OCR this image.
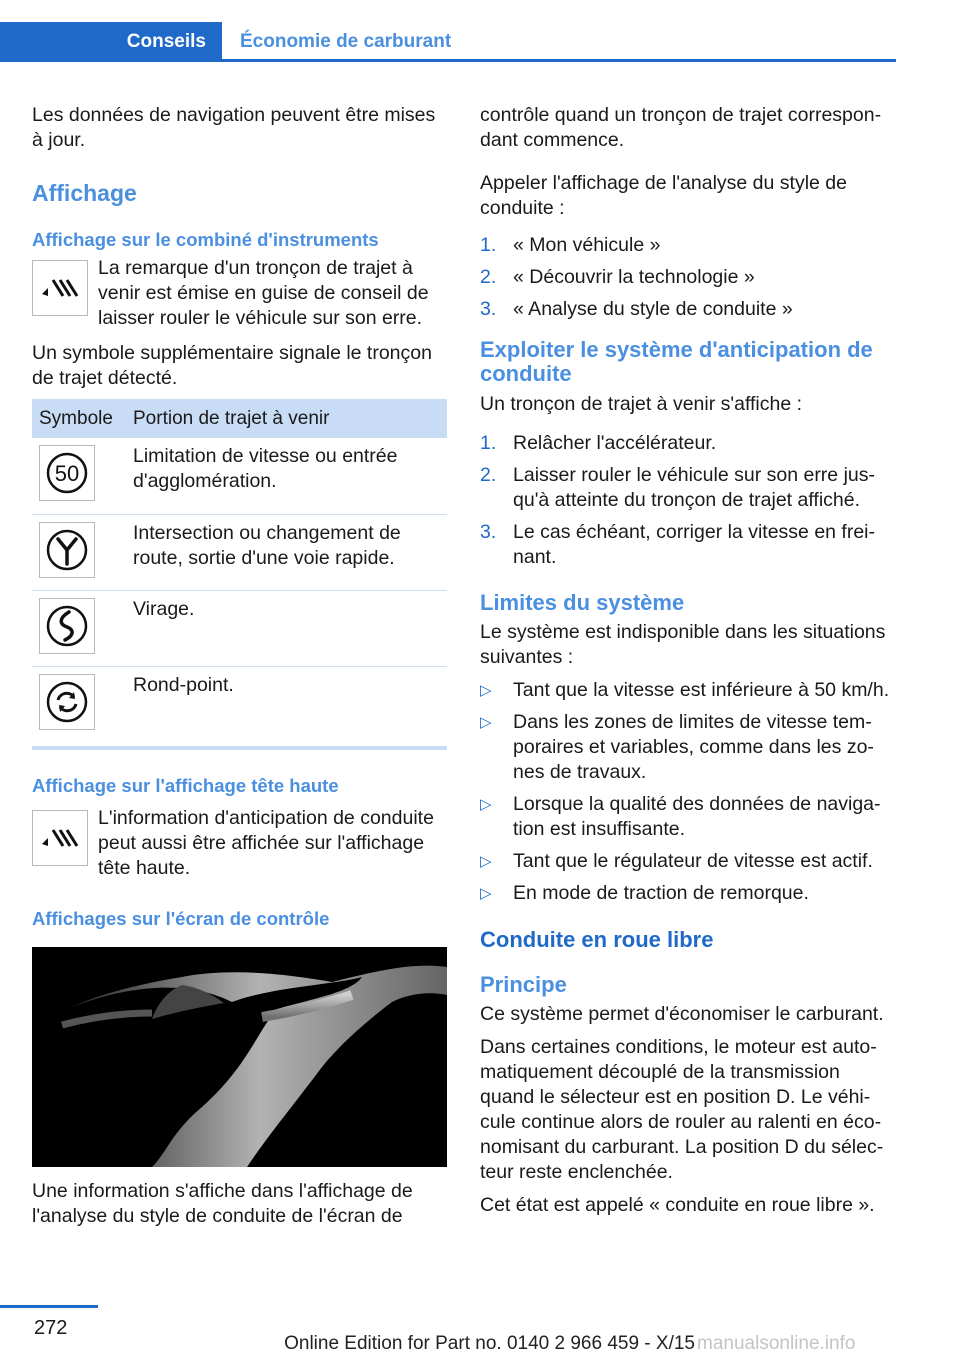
Conseils	Économie de carburant

Les données de navigation peuvent être mises à jour.

Affichage
Affichage sur le combiné d'instruments
La remarque d'un tronçon de trajet à venir est émise en guise de conseil de laisser rouler le véhicule sur son erre.

Un symbole supplémentaire signale le tronçon de trajet détecté.

Symbole	Portion de trajet à venir

50	Limitation de vitesse ou entrée d'agglomération.

	Intersection ou changement de route, sortie d'une voie rapide.

	Virage.

	Rond-point.
Affichage sur l'affichage tête haute
L'information d'anticipation de conduite peut aussi être affichée sur l'affichage tête haute.
Affichages sur l'écran de contrôle

Une information s'affiche dans l'affichage de l'analyse du style de conduite de l'écran de

contrôle quand un tronçon de trajet correspondant commence.

Appeler l'affichage de l'analyse du style de conduite :

1. « Mon véhicule »
2. « Découvrir la technologie »
3. « Analyse du style de conduite »
Exploiter le système d'anticipation de conduite

Un tronçon de trajet à venir s'affiche :

1. Relâcher l'accélérateur.
2. Laisser rouler le véhicule sur son erre jusqu'à atteinte du tronçon de trajet affiché.
3. Le cas échéant, corriger la vitesse en freinant.
Limites du système

Le système est indisponible dans les situations suivantes :

▷	Tant que la vitesse est inférieure à 50 km/h.
▷	Dans les zones de limites de vitesse temporaires et variables, comme dans les zones de travaux.
▷	Lorsque la qualité des données de navigation est insuffisante.
▷	Tant que le régulateur de vitesse est actif.
▷	En mode de traction de remorque.
Conduite en roue libre
Principe

Ce système permet d'économiser le carburant.

Dans certaines conditions, le moteur est automatiquement découplé de la transmission quand le sélecteur est en position D. Le véhicule continue alors de rouler au ralenti en économisant du carburant. La position D du sélecteur reste enclenchée.

Cet état est appelé « conduite en roue libre ».

272
Online Edition for Part no. 0140 2 966 459 - X/15 manualsonline.info
